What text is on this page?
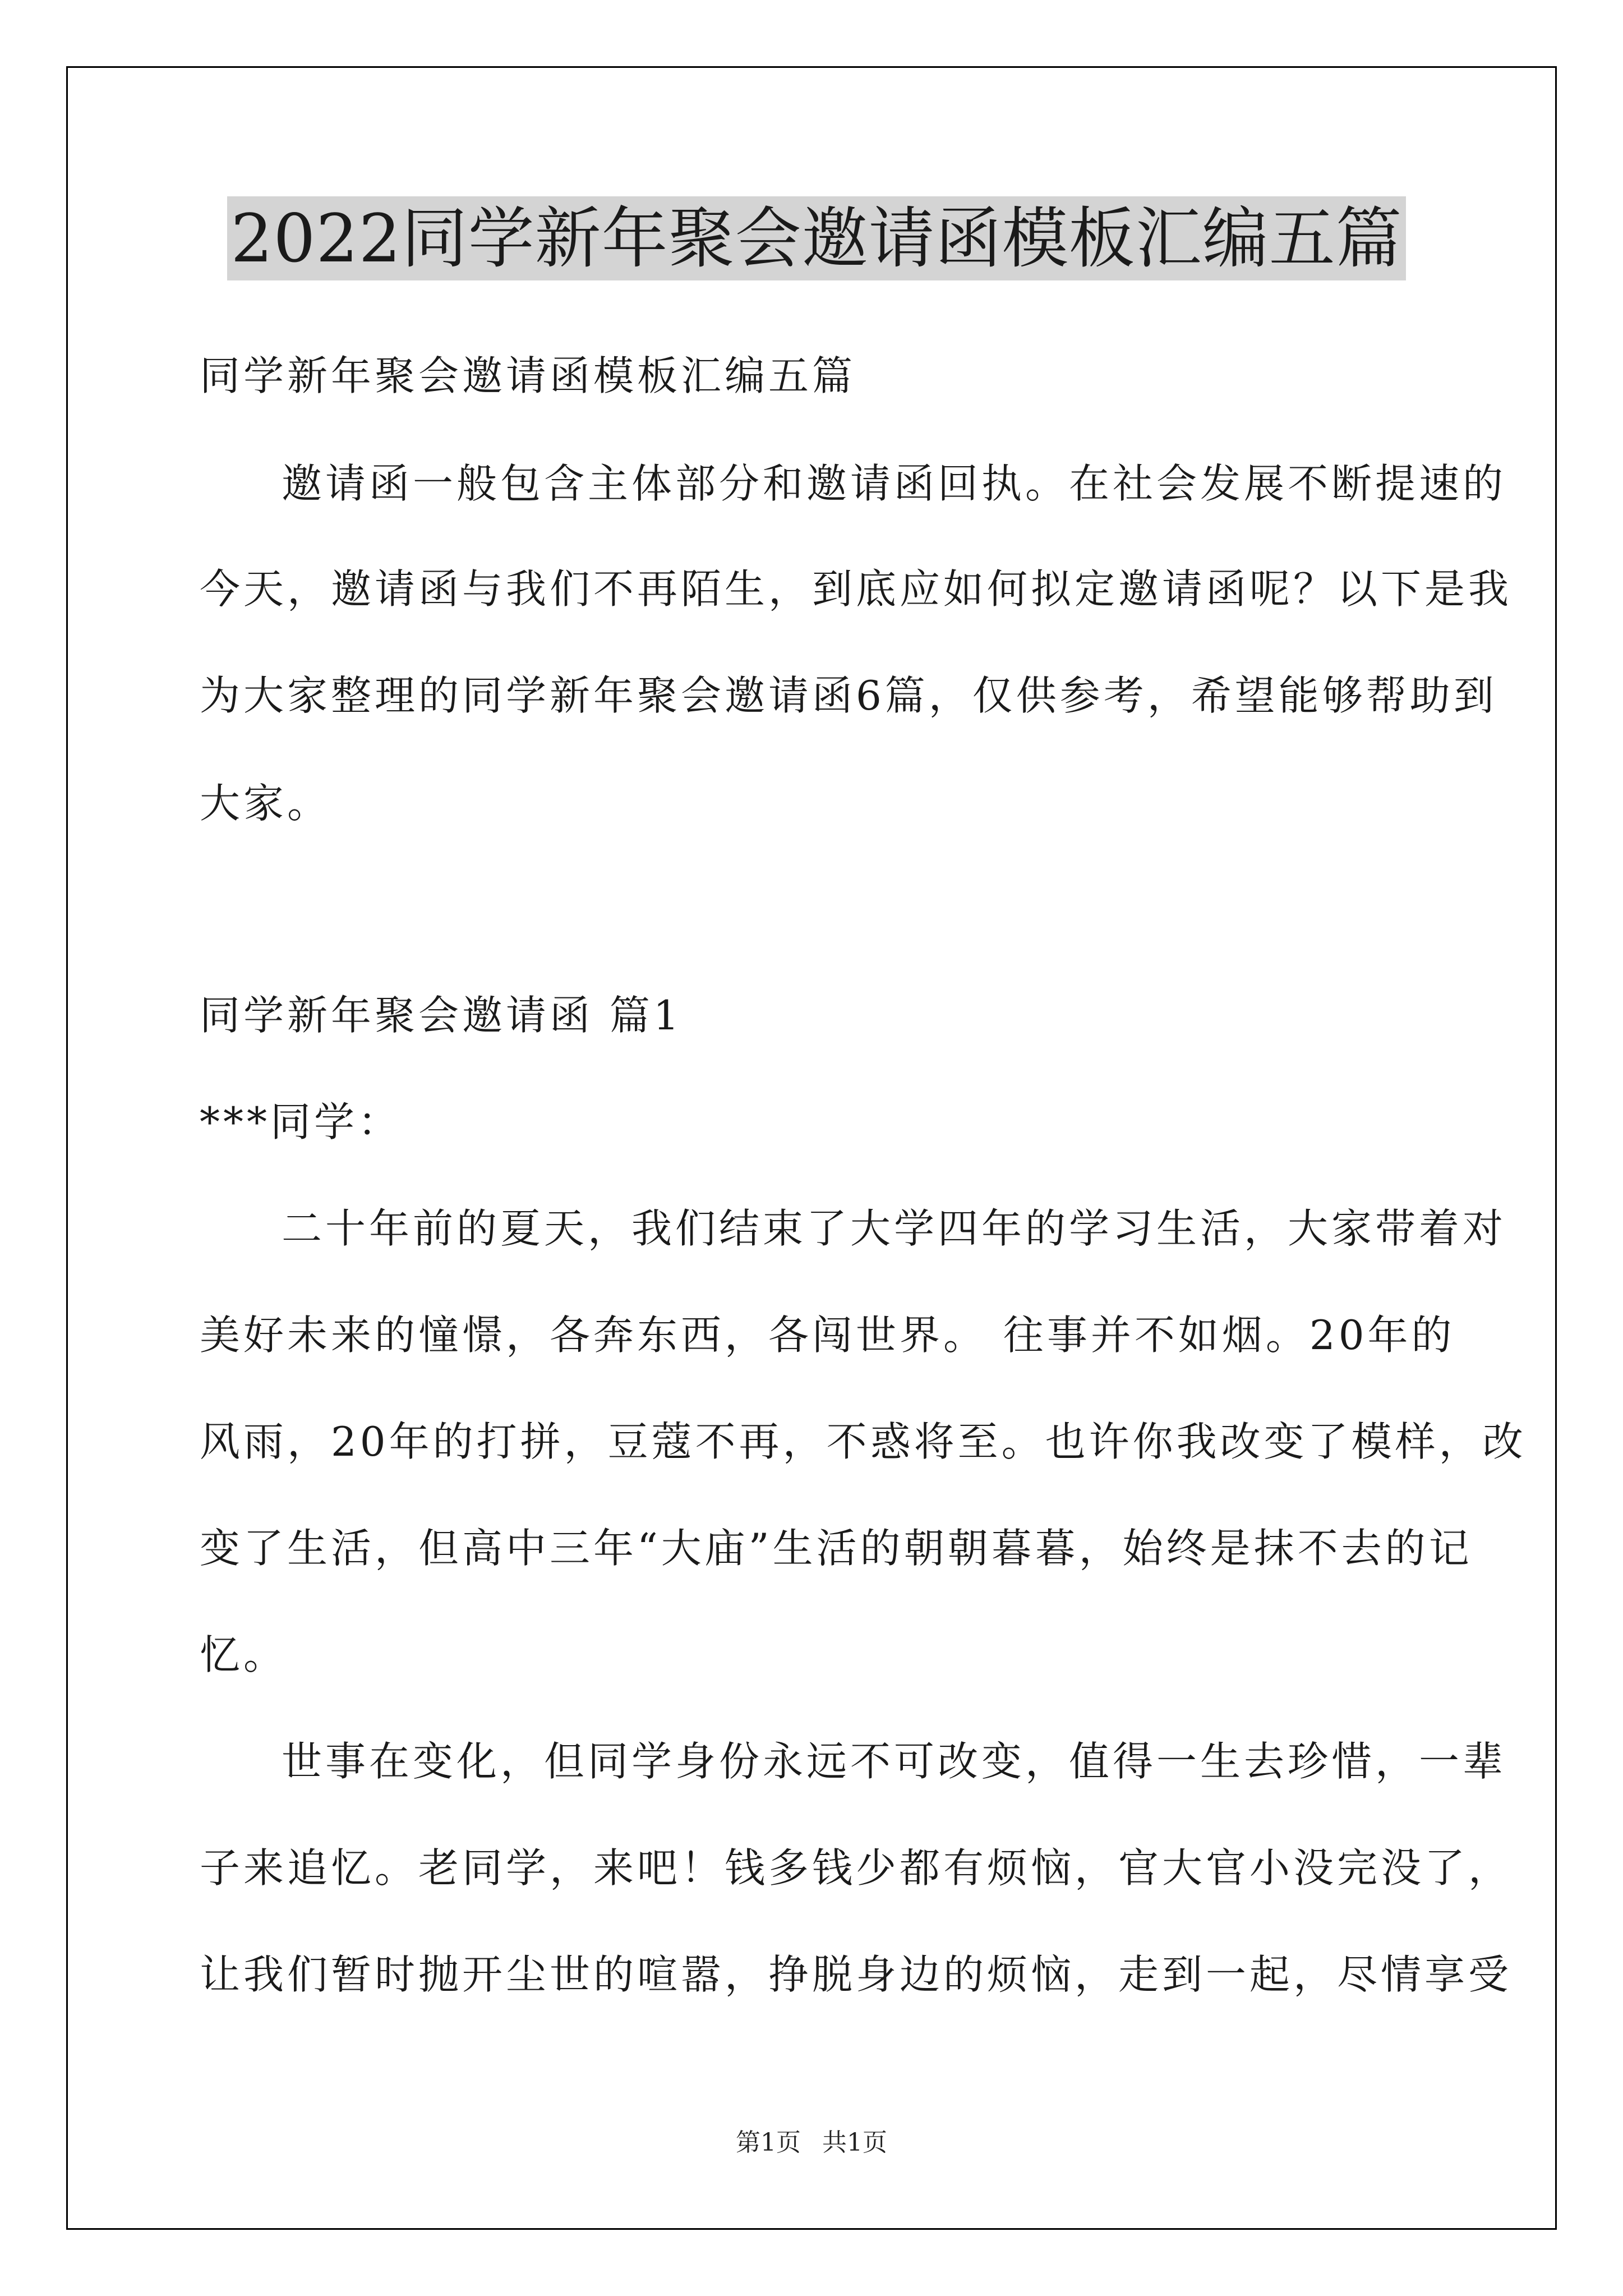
2022同学新年聚会邀请函模板汇编五篇
同学新年聚会邀请函模板汇编五篇
邀请函一般包含主体部分和邀请函回执。在社会发展不断提速的
今天，邀请函与我们不再陌生，到底应如何拟定邀请函呢？以下是我
为大家整理的同学新年聚会邀请函6篇，仅供参考，希望能够帮助到
大家。
同学新年聚会邀请函 篇1
***同学：
二十年前的夏天，我们结束了大学四年的学习生活，大家带着对
美好未来的憧憬，各奔东西，各闯世界。 往事并不如烟。20年的
风雨，20年的打拼，豆蔻不再，不惑将至。也许你我改变了模样，改
变了生活，但高中三年“大庙”生活的朝朝暮暮，始终是抹不去的记
忆。
世事在变化，但同学身份永远不可改变，值得一生去珍惜，一辈
子来追忆。老同学，来吧！钱多钱少都有烦恼，官大官小没完没了，
让我们暂时抛开尘世的喧嚣，挣脱身边的烦恼，走到一起，尽情享受
第1页 共1页
